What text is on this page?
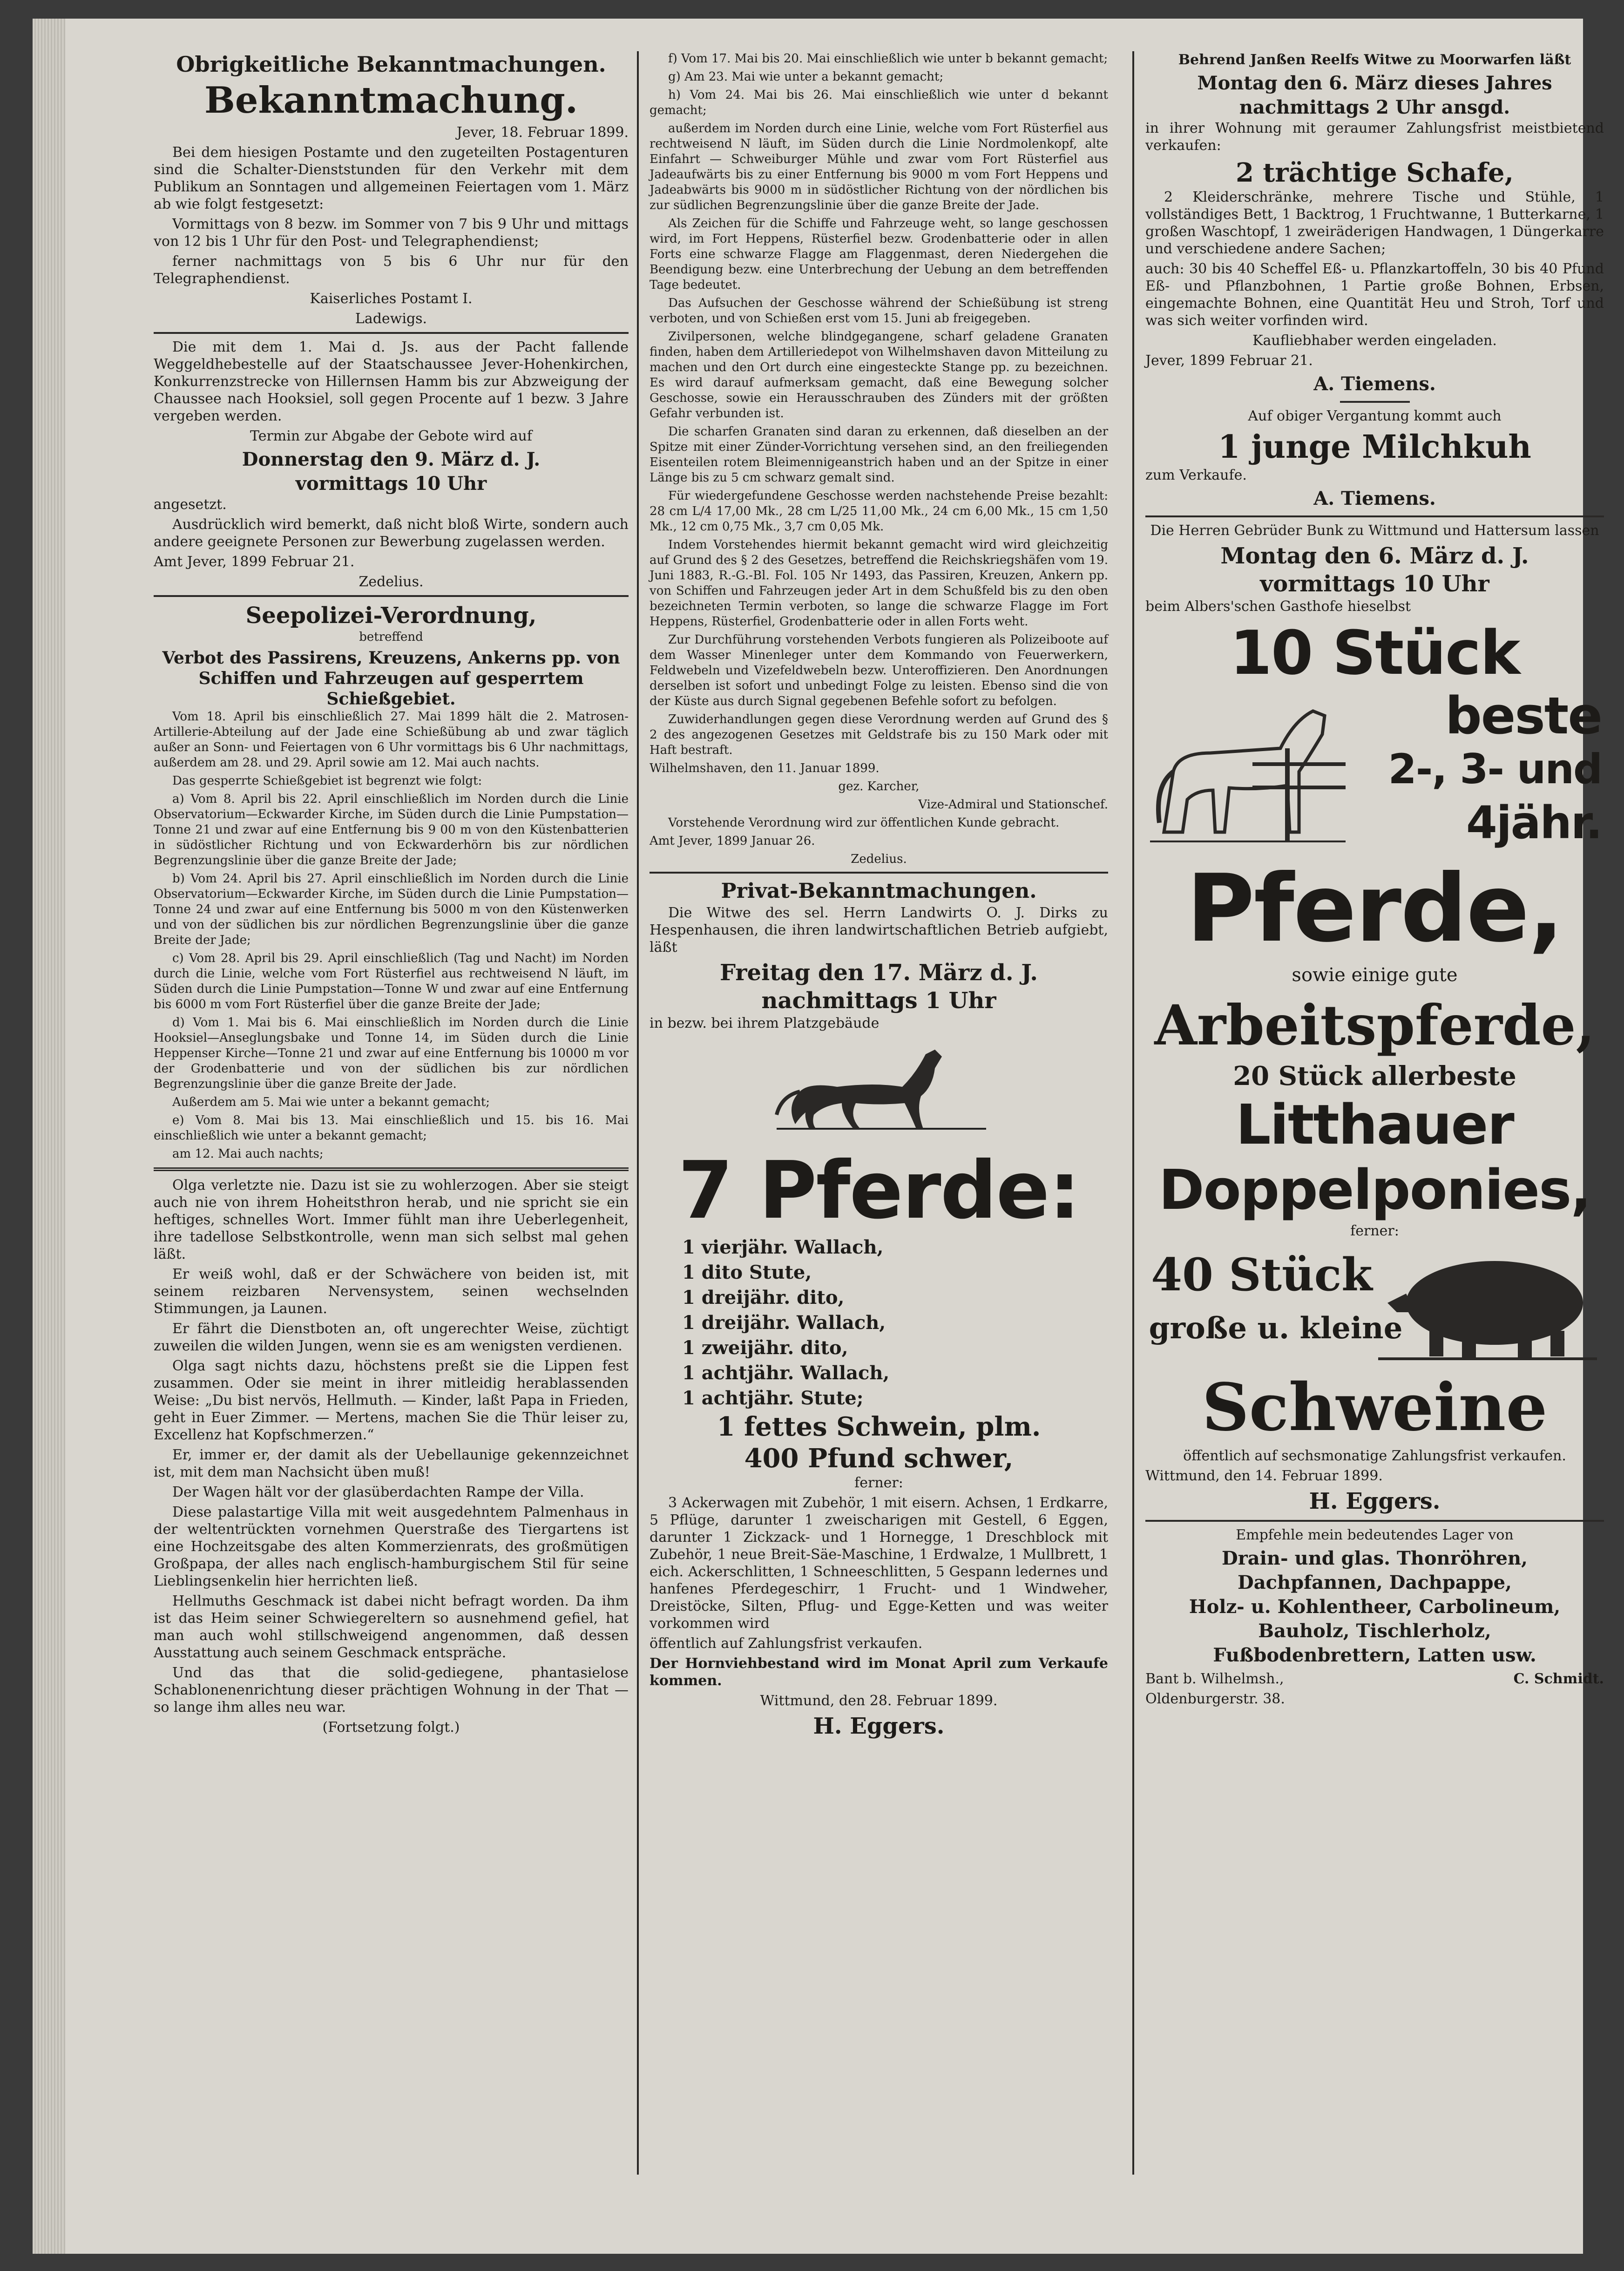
Obrigkeitliche Bekanntmachungen.
Bekanntmachung.

Jever, 18. Februar 1899.

Bei dem hiesigen Postamte und den zugeteilten Postagenturen sind die Schalter-Dienststunden für den Verkehr mit dem Publikum an Sonntagen und allgemeinen Feiertagen vom 1. März ab wie folgt festgesetzt:

Vormittags von 8 bezw. im Sommer von 7 bis 9 Uhr und mittags von 12 bis 1 Uhr für den Post- und Telegraphendienst;

ferner nachmittags von 5 bis 6 Uhr nur für den Telegraphendienst.

Kaiserliches Postamt I.

Ladewigs.

Die mit dem 1. Mai d. Js. aus der Pacht fallende Weggeldhebestelle auf der Staatschaussee Jever-Hohenkirchen, Konkurrenzstrecke von Hillernsen Hamm bis zur Abzweigung der Chaussee nach Hooksiel, soll gegen Procente auf 1 bezw. 3 Jahre vergeben werden.

Termin zur Abgabe der Gebote wird auf

Donnerstag den 9. März d. J.
vormittags 10 Uhr

angesetzt.

Ausdrücklich wird bemerkt, daß nicht bloß Wirte, sondern auch andere geeignete Personen zur Bewerbung zugelassen werden.

Amt Jever, 1899 Februar 21.

Zedelius.

Seepolizei-Verordnung,

betreffend

Verbot des Passirens, Kreuzens, Ankerns pp. von Schiffen und Fahrzeugen auf gesperrtem Schießgebiet.

Vom 18. April bis einschließlich 27. Mai 1899 hält die 2. Matrosen-Artillerie-Abteilung auf der Jade eine Schießübung ab und zwar täglich außer an Sonn- und Feiertagen von 6 Uhr vormittags bis 6 Uhr nachmittags, außerdem am 28. und 29. April sowie am 12. Mai auch nachts.

Das gesperrte Schießgebiet ist begrenzt wie folgt:

a) Vom 8. April bis 22. April einschließlich im Norden durch die Linie Observatorium—Eckwarder Kirche, im Süden durch die Linie Pumpstation—Tonne 21 und zwar auf eine Entfernung bis 9 00 m von den Küstenbatterien in südöstlicher Richtung und von Eckwarderhörn bis zur nördlichen Begrenzungslinie über die ganze Breite der Jade;

b) Vom 24. April bis 27. April einschließlich im Norden durch die Linie Observatorium—Eckwarder Kirche, im Süden durch die Linie Pumpstation—Tonne 24 und zwar auf eine Entfernung bis 5000 m von den Küstenwerken und von der südlichen bis zur nördlichen Begrenzungslinie über die ganze Breite der Jade;

c) Vom 28. April bis 29. April einschließlich (Tag und Nacht) im Norden durch die Linie, welche vom Fort Rüsterfiel aus rechtweisend N läuft, im Süden durch die Linie Pumpstation—Tonne W und zwar auf eine Entfernung bis 6000 m vom Fort Rüsterfiel über die ganze Breite der Jade;

d) Vom 1. Mai bis 6. Mai einschließlich im Norden durch die Linie Hooksiel—Anseglungsbake und Tonne 14, im Süden durch die Linie Heppenser Kirche—Tonne 21 und zwar auf eine Entfernung bis 10000 m vor der Grodenbatterie und von der südlichen bis zur nördlichen Begrenzungslinie über die ganze Breite der Jade.

Außerdem am 5. Mai wie unter a bekannt gemacht;

e) Vom 8. Mai bis 13. Mai einschließlich und 15. bis 16. Mai einschließlich wie unter a bekannt gemacht;

am 12. Mai auch nachts;

Olga verletzte nie. Dazu ist sie zu wohlerzogen. Aber sie steigt auch nie von ihrem Hoheitsthron herab, und nie spricht sie ein heftiges, schnelles Wort. Immer fühlt man ihre Ueberlegenheit, ihre tadellose Selbstkontrolle, wenn man sich selbst mal gehen läßt.

Er weiß wohl, daß er der Schwächere von beiden ist, mit seinem reizbaren Nervensystem, seinen wechselnden Stimmungen, ja Launen.

Er fährt die Dienstboten an, oft ungerechter Weise, züchtigt zuweilen die wilden Jungen, wenn sie es am wenigsten verdienen.

Olga sagt nichts dazu, höchstens preßt sie die Lippen fest zusammen. Oder sie meint in ihrer mitleidig herablassenden Weise: „Du bist nervös, Hellmuth. — Kinder, laßt Papa in Frieden, geht in Euer Zimmer. — Mertens, machen Sie die Thür leiser zu, Excellenz hat Kopfschmerzen.“

Er, immer er, der damit als der Uebellaunige gekennzeichnet ist, mit dem man Nachsicht üben muß!

Der Wagen hält vor der glasüberdachten Rampe der Villa.

Diese palastartige Villa mit weit ausgedehntem Palmenhaus in der weltentrückten vornehmen Querstraße des Tiergartens ist eine Hochzeitsgabe des alten Kommerzienrats, des großmütigen Großpapa, der alles nach englisch-hamburgischem Stil für seine Lieblingsenkelin hier herrichten ließ.

Hellmuths Geschmack ist dabei nicht befragt worden. Da ihm ist das Heim seiner Schwiegereltern so ausnehmend gefiel, hat man auch wohl stillschweigend angenommen, daß dessen Ausstattung auch seinem Geschmack entspräche.

Und das that die solid-gediegene, phantasielose Schablonenenrichtung dieser prächtigen Wohnung in der That — so lange ihm alles neu war.

(Fortsetzung folgt.)

f) Vom 17. Mai bis 20. Mai einschließlich wie unter b bekannt gemacht;

g) Am 23. Mai wie unter a bekannt gemacht;

h) Vom 24. Mai bis 26. Mai einschließlich wie unter d bekannt gemacht;

außerdem im Norden durch eine Linie, welche vom Fort Rüsterfiel aus rechtweisend N läuft, im Süden durch die Linie Nordmolenkopf, alte Einfahrt — Schweiburger Mühle und zwar vom Fort Rüsterfiel aus Jadeaufwärts bis zu einer Entfernung bis 9000 m vom Fort Heppens und Jadeabwärts bis 9000 m in südöstlicher Richtung von der nördlichen bis zur südlichen Begrenzungslinie über die ganze Breite der Jade.

Als Zeichen für die Schiffe und Fahrzeuge weht, so lange geschossen wird, im Fort Heppens, Rüsterfiel bezw. Grodenbatterie oder in allen Forts eine schwarze Flagge am Flaggenmast, deren Niedergehen die Beendigung bezw. eine Unterbrechung der Uebung an dem betreffenden Tage bedeutet.

Das Aufsuchen der Geschosse während der Schießübung ist streng verboten, und von Schießen erst vom 15. Juni ab freigegeben.

Zivilpersonen, welche blindgegangene, scharf geladene Granaten finden, haben dem Artilleriedepot von Wilhelmshaven davon Mitteilung zu machen und den Ort durch eine eingesteckte Stange pp. zu bezeichnen. Es wird darauf aufmerksam gemacht, daß eine Bewegung solcher Geschosse, sowie ein Herausschrauben des Zünders mit der größten Gefahr verbunden ist.

Die scharfen Granaten sind daran zu erkennen, daß dieselben an der Spitze mit einer Zünder-Vorrichtung versehen sind, an den freiliegenden Eisenteilen rotem Bleimennigeanstrich haben und an der Spitze in einer Länge bis zu 5 cm schwarz gemalt sind.

Für wiedergefundene Geschosse werden nachstehende Preise bezahlt: 28 cm L/4 17,00 Mk., 28 cm L/25 11,00 Mk., 24 cm 6,00 Mk., 15 cm 1,50 Mk., 12 cm 0,75 Mk., 3,7 cm 0,05 Mk.

Indem Vorstehendes hiermit bekannt gemacht wird wird gleichzeitig auf Grund des § 2 des Gesetzes, betreffend die Reichskriegshäfen vom 19. Juni 1883, R.-G.-Bl. Fol. 105 Nr 1493, das Passiren, Kreuzen, Ankern pp. von Schiffen und Fahrzeugen jeder Art in dem Schußfeld bis zu den oben bezeichneten Termin verboten, so lange die schwarze Flagge im Fort Heppens, Rüsterfiel, Grodenbatterie oder in allen Forts weht.

Zur Durchführung vorstehenden Verbots fungieren als Polizeiboote auf dem Wasser Minenleger unter dem Kommando von Feuerwerkern, Feldwebeln und Vizefeldwebeln bezw. Unteroffizieren. Den Anordnungen derselben ist sofort und unbedingt Folge zu leisten. Ebenso sind die von der Küste aus durch Signal gegebenen Befehle sofort zu befolgen.

Zuwiderhandlungen gegen diese Verordnung werden auf Grund des § 2 des angezogenen Gesetzes mit Geldstrafe bis zu 150 Mark oder mit Haft bestraft.

Wilhelmshaven, den 11. Januar 1899.

gez. Karcher,

Vize-Admiral und Stationschef.

Vorstehende Verordnung wird zur öffentlichen Kunde gebracht.

Amt Jever, 1899 Januar 26.

Zedelius.

Privat-Bekanntmachungen.

Die Witwe des sel. Herrn Landwirts O. J. Dirks zu Hespenhausen, die ihren landwirtschaftlichen Betrieb aufgiebt, läßt

Freitag den 17. März d. J.
nachmittags 1 Uhr

in bezw. bei ihrem Platzgebäude

7 Pferde:
1 vierjähr. Wallach,
1 dito Stute,
1 dreijähr. dito,
1 dreijähr. Wallach,
1 zweijähr. dito,
1 achtjähr. Wallach,
1 achtjähr. Stute;
1 fettes Schwein, plm.
400 Pfund schwer,

ferner:

3 Ackerwagen mit Zubehör, 1 mit eisern. Achsen, 1 Erdkarre, 5 Pflüge, darunter 1 zweischarigen mit Gestell, 6 Eggen, darunter 1 Zickzack- und 1 Hornegge, 1 Dreschblock mit Zubehör, 1 neue Breit-Säe-Maschine, 1 Erdwalze, 1 Mullbrett, 1 eich. Ackerschlitten, 1 Schneeschlitten, 5 Gespann ledernes und hanfenes Pferdegeschirr, 1 Frucht- und 1 Windweher, Dreistöcke, Silten, Pflug- und Egge-Ketten und was weiter vorkommen wird

öffentlich auf Zahlungsfrist verkaufen.

Der Hornviehbestand wird im Monat April zum Verkaufe kommen.

Wittmund, den 28. Februar 1899.

H. Eggers.

Behrend Janßen Reelfs Witwe zu Moorwarfen läßt

Montag den 6. März dieses Jahres
nachmittags 2 Uhr ansgd.

in ihrer Wohnung mit geraumer Zahlungsfrist meistbietend verkaufen:

2 trächtige Schafe,

2 Kleiderschränke, mehrere Tische und Stühle, 1 vollständiges Bett, 1 Backtrog, 1 Fruchtwanne, 1 Butterkarne, 1 großen Waschtopf, 1 zweiräderigen Handwagen, 1 Düngerkarre und verschiedene andere Sachen;

auch: 30 bis 40 Scheffel Eß- u. Pflanzkartoffeln, 30 bis 40 Pfund Eß- und Pflanzbohnen, 1 Partie große Bohnen, Erbsen, eingemachte Bohnen, eine Quantität Heu und Stroh, Torf und was sich weiter vorfinden wird.

Kaufliebhaber werden eingeladen.

Jever, 1899 Februar 21.

A. Tiemens.

Auf obiger Vergantung kommt auch

1 junge Milchkuh

zum Verkaufe.

A. Tiemens.

Die Herren Gebrüder Bunk zu Wittmund und Hattersum lassen

Montag den 6. März d. J.
vormittags 10 Uhr

beim Albers'schen Gasthofe hieselbst

10 Stück
beste
2-, 3- und
4jähr.
Pferde,

sowie einige gute

Arbeitspferde,
20 Stück allerbeste
Litthauer
Doppelponies,

ferner:

40 Stück
große u. kleine
Schweine

öffentlich auf sechsmonatige Zahlungsfrist verkaufen.

Wittmund, den 14. Februar 1899.

H. Eggers.

Empfehle mein bedeutendes Lager von

Drain- und glas. Thonröhren,
Dachpfannen, Dachpappe,
Holz- u. Kohlentheer, Carbolineum,
Bauholz, Tischlerholz,
Fußbodenbrettern, Latten usw.

Bant b. Wilhelmsh.,	C. Schmidt.

Oldenburgerstr. 38.
